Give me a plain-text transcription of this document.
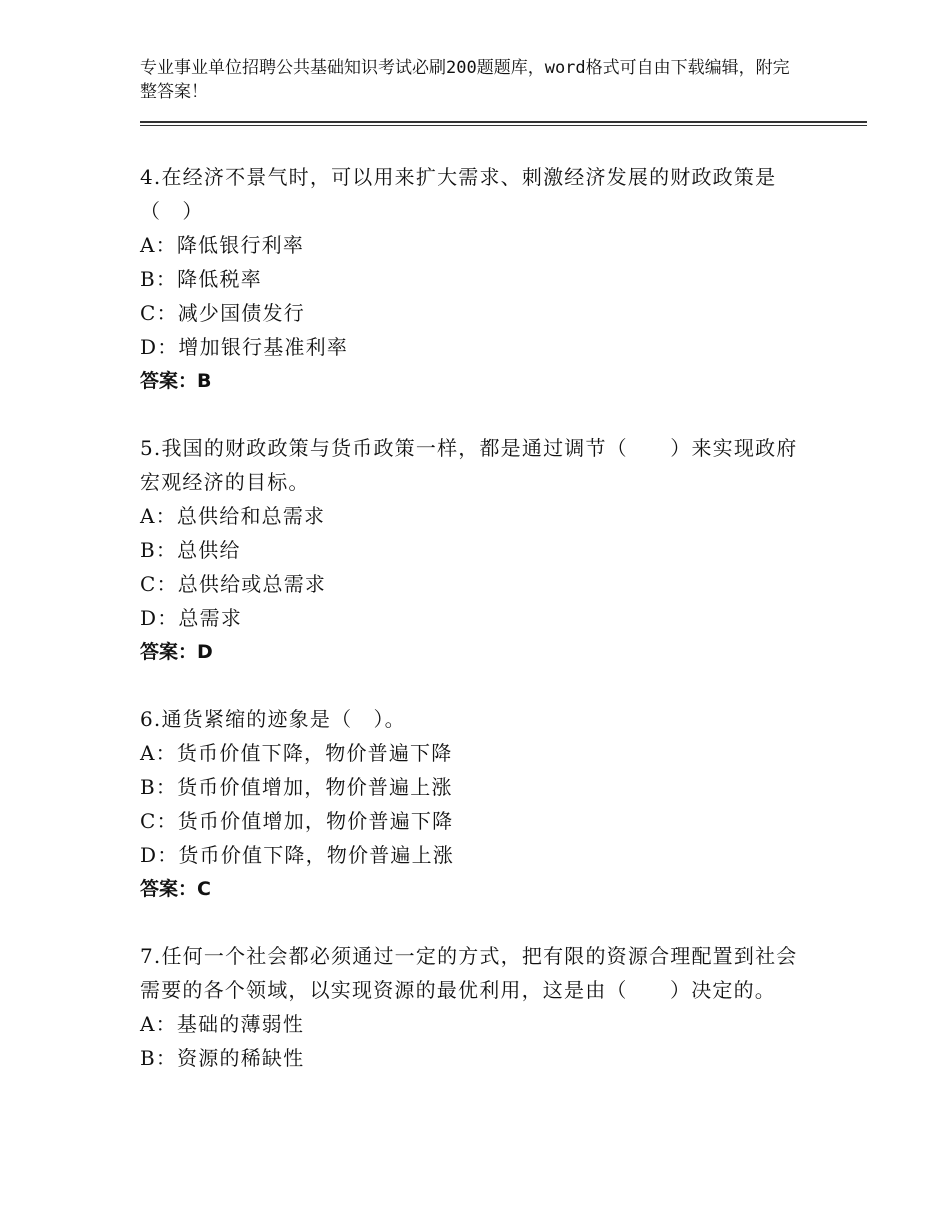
专业事业单位招聘公共基础知识考试必刷200题题库，word格式可自由下载编辑，附完整答案！

4.在经济不景气时，可以用来扩大需求、刺激经济发展的财政政策是（　）

A：降低银行利率

B：降低税率

C：减少国债发行

D：增加银行基准利率

答案：B

5.我国的财政政策与货币政策一样，都是通过调节（　　）来实现政府宏观经济的目标。

A：总供给和总需求

B：总供给

C：总供给或总需求

D：总需求

答案：D

6.通货紧缩的迹象是（　）。

A：货币价值下降，物价普遍下降

B：货币价值增加，物价普遍上涨

C：货币价值增加，物价普遍下降

D：货币价值下降，物价普遍上涨

答案：C

7.任何一个社会都必须通过一定的方式，把有限的资源合理配置到社会需要的各个领域，以实现资源的最优利用，这是由（　　）决定的。

A：基础的薄弱性

B：资源的稀缺性
